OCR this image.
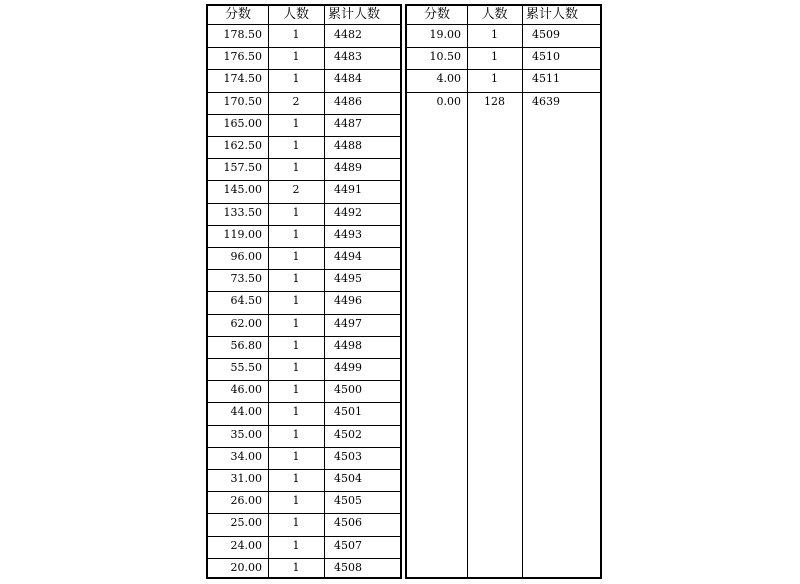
分数	人数	累计人数
178.50	1	4482
176.50	1	4483
174.50	1	4484
170.50	2	4486
165.00	1	4487
162.50	1	4488
157.50	1	4489
145.00	2	4491
133.50	1	4492
119.00	1	4493
96.00	1	4494
73.50	1	4495
64.50	1	4496
62.00	1	4497
56.80	1	4498
55.50	1	4499
46.00	1	4500
44.00	1	4501
35.00	1	4502
34.00	1	4503
31.00	1	4504
26.00	1	4505
25.00	1	4506
24.00	1	4507
20.00	1	4508
分数	人数	累计人数
19.00	1	4509
10.50	1	4510
4.00	1	4511
0.00	128	4639
